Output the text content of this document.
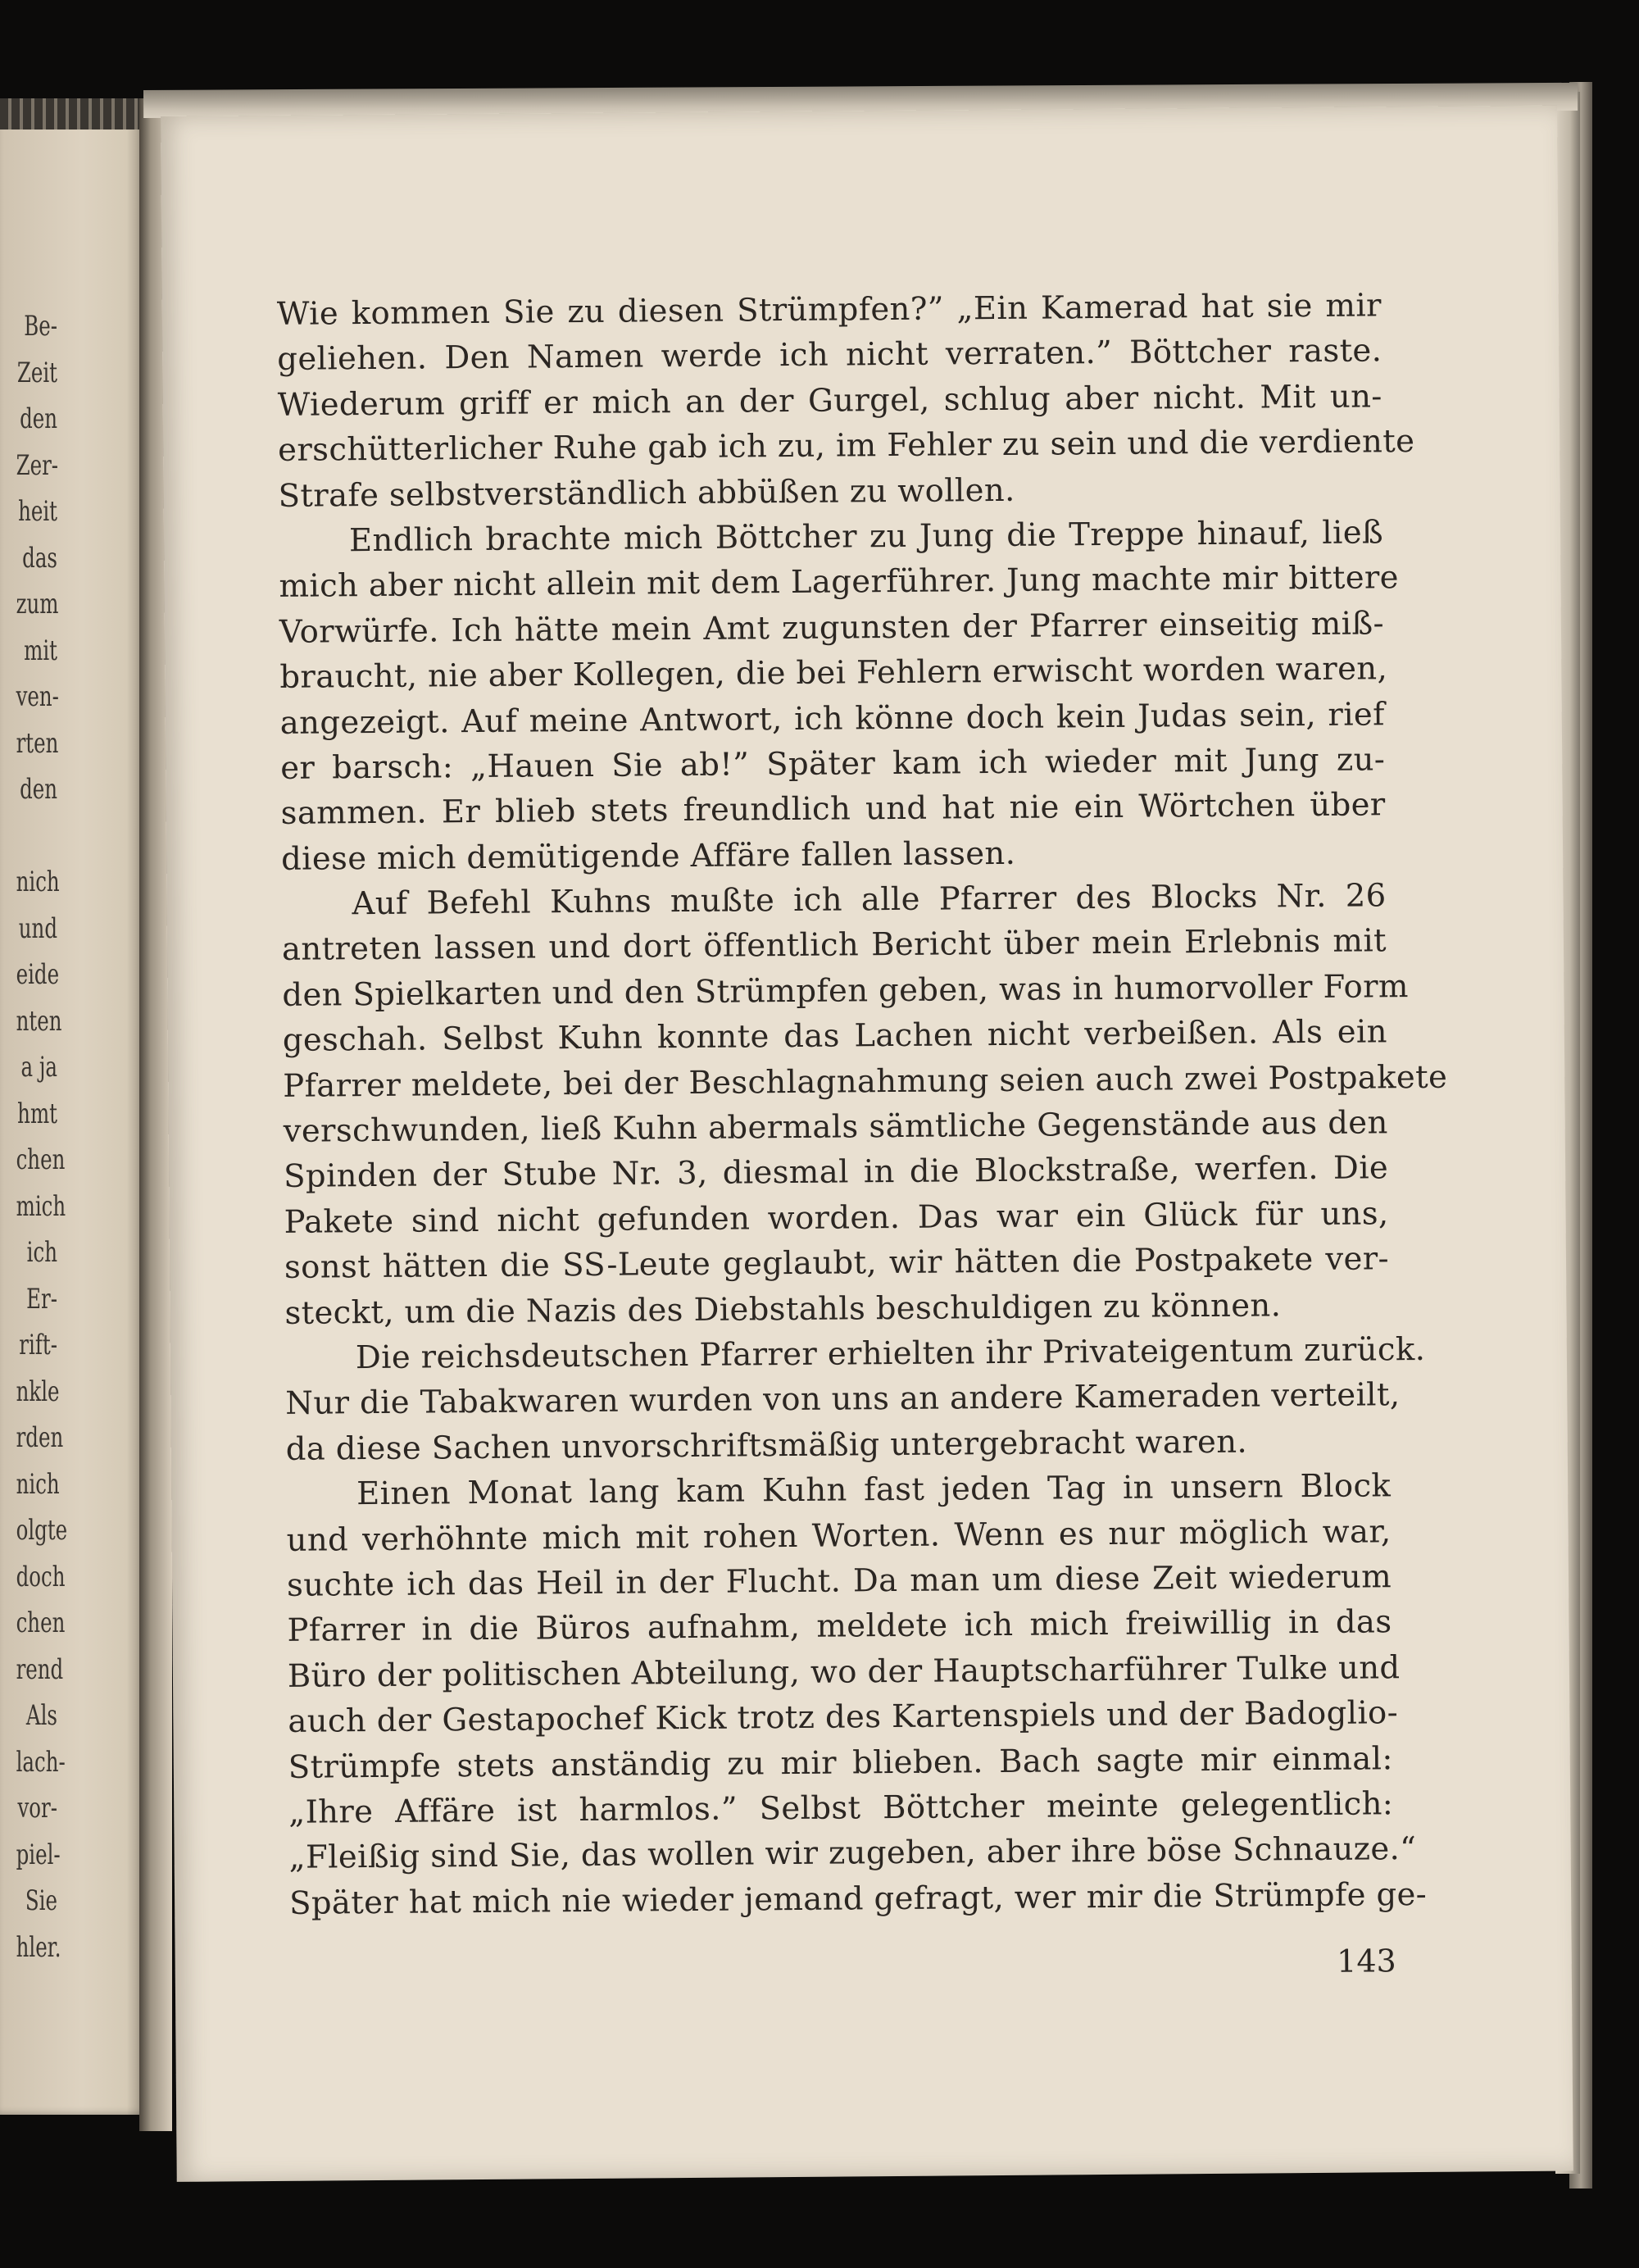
Be-
Zeit
den
Zer-
heit
das
zum
mit
ven-
rten
den
nich
und
eide
nten
a ja
hmt
chen
mich
ich
Er-
rift-
nkle
rden
nich
olgte
doch
chen
rend
Als
lach-
vor-
piel-
Sie
hler.
Wie kommen Sie zu diesen Strümpfen?” „Ein Kamerad hat sie mir
geliehen. Den Namen werde ich nicht verraten.” Böttcher raste.
Wiederum griff er mich an der Gurgel, schlug aber nicht. Mit un-
erschütterlicher Ruhe gab ich zu, im Fehler zu sein und die verdiente
Strafe selbstverständlich abbüßen zu wollen.
Endlich brachte mich Böttcher zu Jung die Treppe hinauf, ließ
mich aber nicht allein mit dem Lagerführer. Jung machte mir bittere
Vorwürfe. Ich hätte mein Amt zugunsten der Pfarrer einseitig miß-
braucht, nie aber Kollegen, die bei Fehlern erwischt worden waren,
angezeigt. Auf meine Antwort, ich könne doch kein Judas sein, rief
er barsch: „Hauen Sie ab!” Später kam ich wieder mit Jung zu-
sammen. Er blieb stets freundlich und hat nie ein Wörtchen über
diese mich demütigende Affäre fallen lassen.
Auf Befehl Kuhns mußte ich alle Pfarrer des Blocks Nr. 26
antreten lassen und dort öffentlich Bericht über mein Erlebnis mit
den Spielkarten und den Strümpfen geben, was in humorvoller Form
geschah. Selbst Kuhn konnte das Lachen nicht verbeißen. Als ein
Pfarrer meldete, bei der Beschlagnahmung seien auch zwei Postpakete
verschwunden, ließ Kuhn abermals sämtliche Gegenstände aus den
Spinden der Stube Nr. 3, diesmal in die Blockstraße, werfen. Die
Pakete sind nicht gefunden worden. Das war ein Glück für uns,
sonst hätten die SS-Leute geglaubt, wir hätten die Postpakete ver-
steckt, um die Nazis des Diebstahls beschuldigen zu können.
Die reichsdeutschen Pfarrer erhielten ihr Privateigentum zurück.
Nur die Tabakwaren wurden von uns an andere Kameraden verteilt,
da diese Sachen unvorschriftsmäßig untergebracht waren.
Einen Monat lang kam Kuhn fast jeden Tag in unsern Block
und verhöhnte mich mit rohen Worten. Wenn es nur möglich war,
suchte ich das Heil in der Flucht. Da man um diese Zeit wiederum
Pfarrer in die Büros aufnahm, meldete ich mich freiwillig in das
Büro der politischen Abteilung, wo der Hauptscharführer Tulke und
auch der Gestapochef Kick trotz des Kartenspiels und der Badoglio-
Strümpfe stets anständig zu mir blieben. Bach sagte mir einmal:
„Ihre Affäre ist harmlos.” Selbst Böttcher meinte gelegentlich:
„Fleißig sind Sie, das wollen wir zugeben, aber ihre böse Schnauze.“
Später hat mich nie wieder jemand gefragt, wer mir die Strümpfe ge-
143
